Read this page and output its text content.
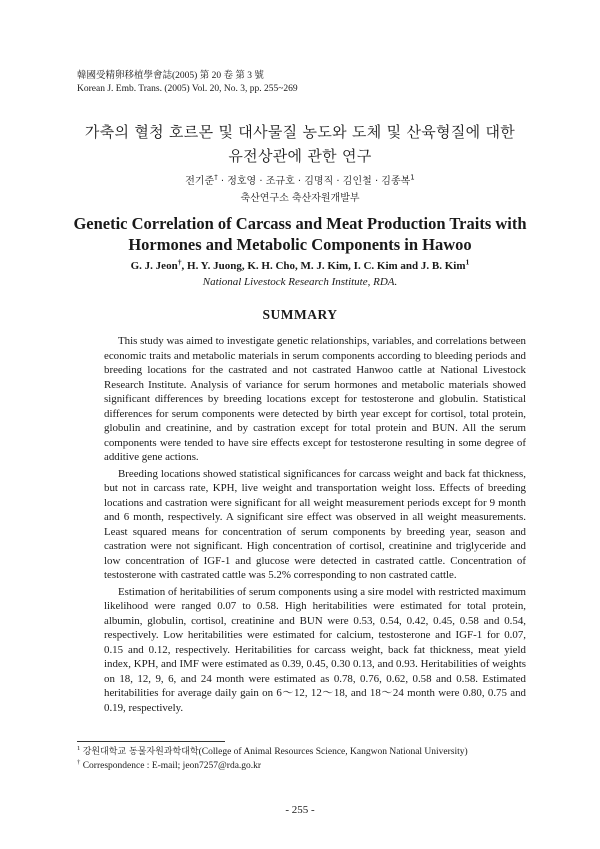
韓國受精卵移植學會誌(2005) 第 20 卷 第 3 號
Korean J. Emb. Trans. (2005) Vol. 20, No. 3, pp. 255~269
가축의 혈청 호르몬 및 대사물질 농도와 도체 및 산육형질에 대한
유전상관에 관한 연구
전기준† · 정호영 · 조규호 · 김명직 · 김인철 · 김종복$^1$
축산연구소 축산자원개발부
Genetic Correlation of Carcass and Meat Production Traits with
Hormones and Metabolic Components in Hawoo
G. J. Jeon†, H. Y. Juong, K. H. Cho, M. J. Kim, I. C. Kim and J. B. Kim$^1$
National Livestock Research Institute, RDA.
SUMMARY

This study was aimed to investigate genetic relationships, variables, and correlations between economic traits and metabolic materials in serum components according to bleeding periods and breeding locations for the castrated and not castrated Hanwoo cattle at National Livestock Research Institute. Analysis of variance for serum hormones and metabolic materials showed significant differences by breeding locations except for testosterone and globulin. Statistical differences for serum components were detected by birth year except for cortisol, total protein, globulin and creatinine, and by castration except for total protein and BUN. All the serum components were tended to have sire effects except for testosterone resulting in some degree of additive gene actions.

Breeding locations showed statistical significances for carcass weight and back fat thickness, but not in carcass rate, KPH, live weight and transportation weight loss. Effects of breeding locations and castration were significant for all weight measurement periods except for 9 month and 6 month, respectively. A significant sire effect was observed in all weight measurements. Least squared means for concentration of serum components by breeding year, season and castration were not significant. High concentration of cortisol, creatinine and triglyceride and low concentration of IGF-1 and glucose were detected in castrated cattle. Concentration of testosterone with castrated cattle was 5.2% corresponding to non castrated cattle.

Estimation of heritabilities of serum components using a sire model with restricted maximum likelihood were ranged 0.07 to 0.58. High heritabilities were estimated for total protein, albumin, globulin, cortisol, creatinine and BUN were 0.53, 0.54, 0.42, 0.45, 0.58 and 0.54, respectively. Low heritabilities were estimated for calcium, testosterone and IGF-1 for 0.07, 0.15 and 0.12, respectively. Heritabilities for carcass weight, back fat thickness, meat yield index, KPH, and IMF were estimated as 0.39, 0.45, 0.30 0.13, and 0.93. Heritabilities of weights on 18, 12, 9, 6, and 24 month were estimated as 0.78, 0.76, 0.62, 0.58 and 0.58. Estimated heritabilities for average daily gain on 6～12, 12～18, and 18～24 month were 0.80, 0.75 and 0.19, respectively.

$^1$ 강원대학교 동물자원과학대학(College of Animal Resources Science, Kangwon National University)
† Correspondence : E-mail; jeon7257@rda.go.kr
- 255 -
